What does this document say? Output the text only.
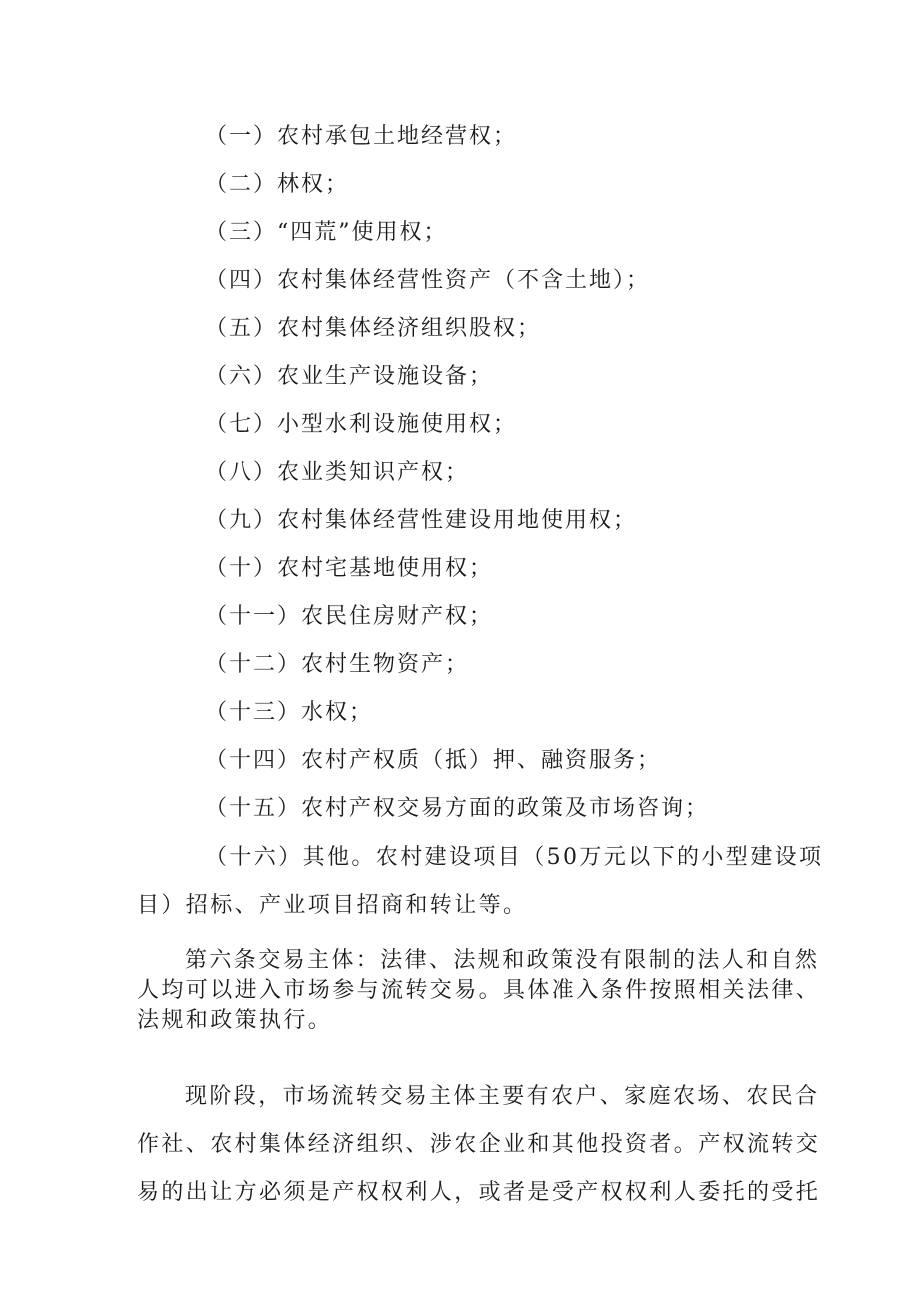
（一）农村承包土地经营权；
（二）林权；
（三）“四荒”使用权；
（四）农村集体经营性资产（不含土地）；
（五）农村集体经济组织股权；
（六）农业生产设施设备；
（七）小型水利设施使用权；
（八）农业类知识产权；
（九）农村集体经营性建设用地使用权；
（十）农村宅基地使用权；
（十一）农民住房财产权；
（十二）农村生物资产；
（十三）水权；
（十四）农村产权质（抵）押、融资服务；
（十五）农村产权交易方面的政策及市场咨询；
（十六）其他。农村建设项目（50万元以下的小型建设项
目）招标、产业项目招商和转让等。
第六条交易主体：法律、法规和政策没有限制的法人和自然
人均可以进入市场参与流转交易。具体准入条件按照相关法律、
法规和政策执行。
现阶段，市场流转交易主体主要有农户、家庭农场、农民合
作社、农村集体经济组织、涉农企业和其他投资者。产权流转交
易的出让方必须是产权权利人，或者是受产权权利人委托的受托
